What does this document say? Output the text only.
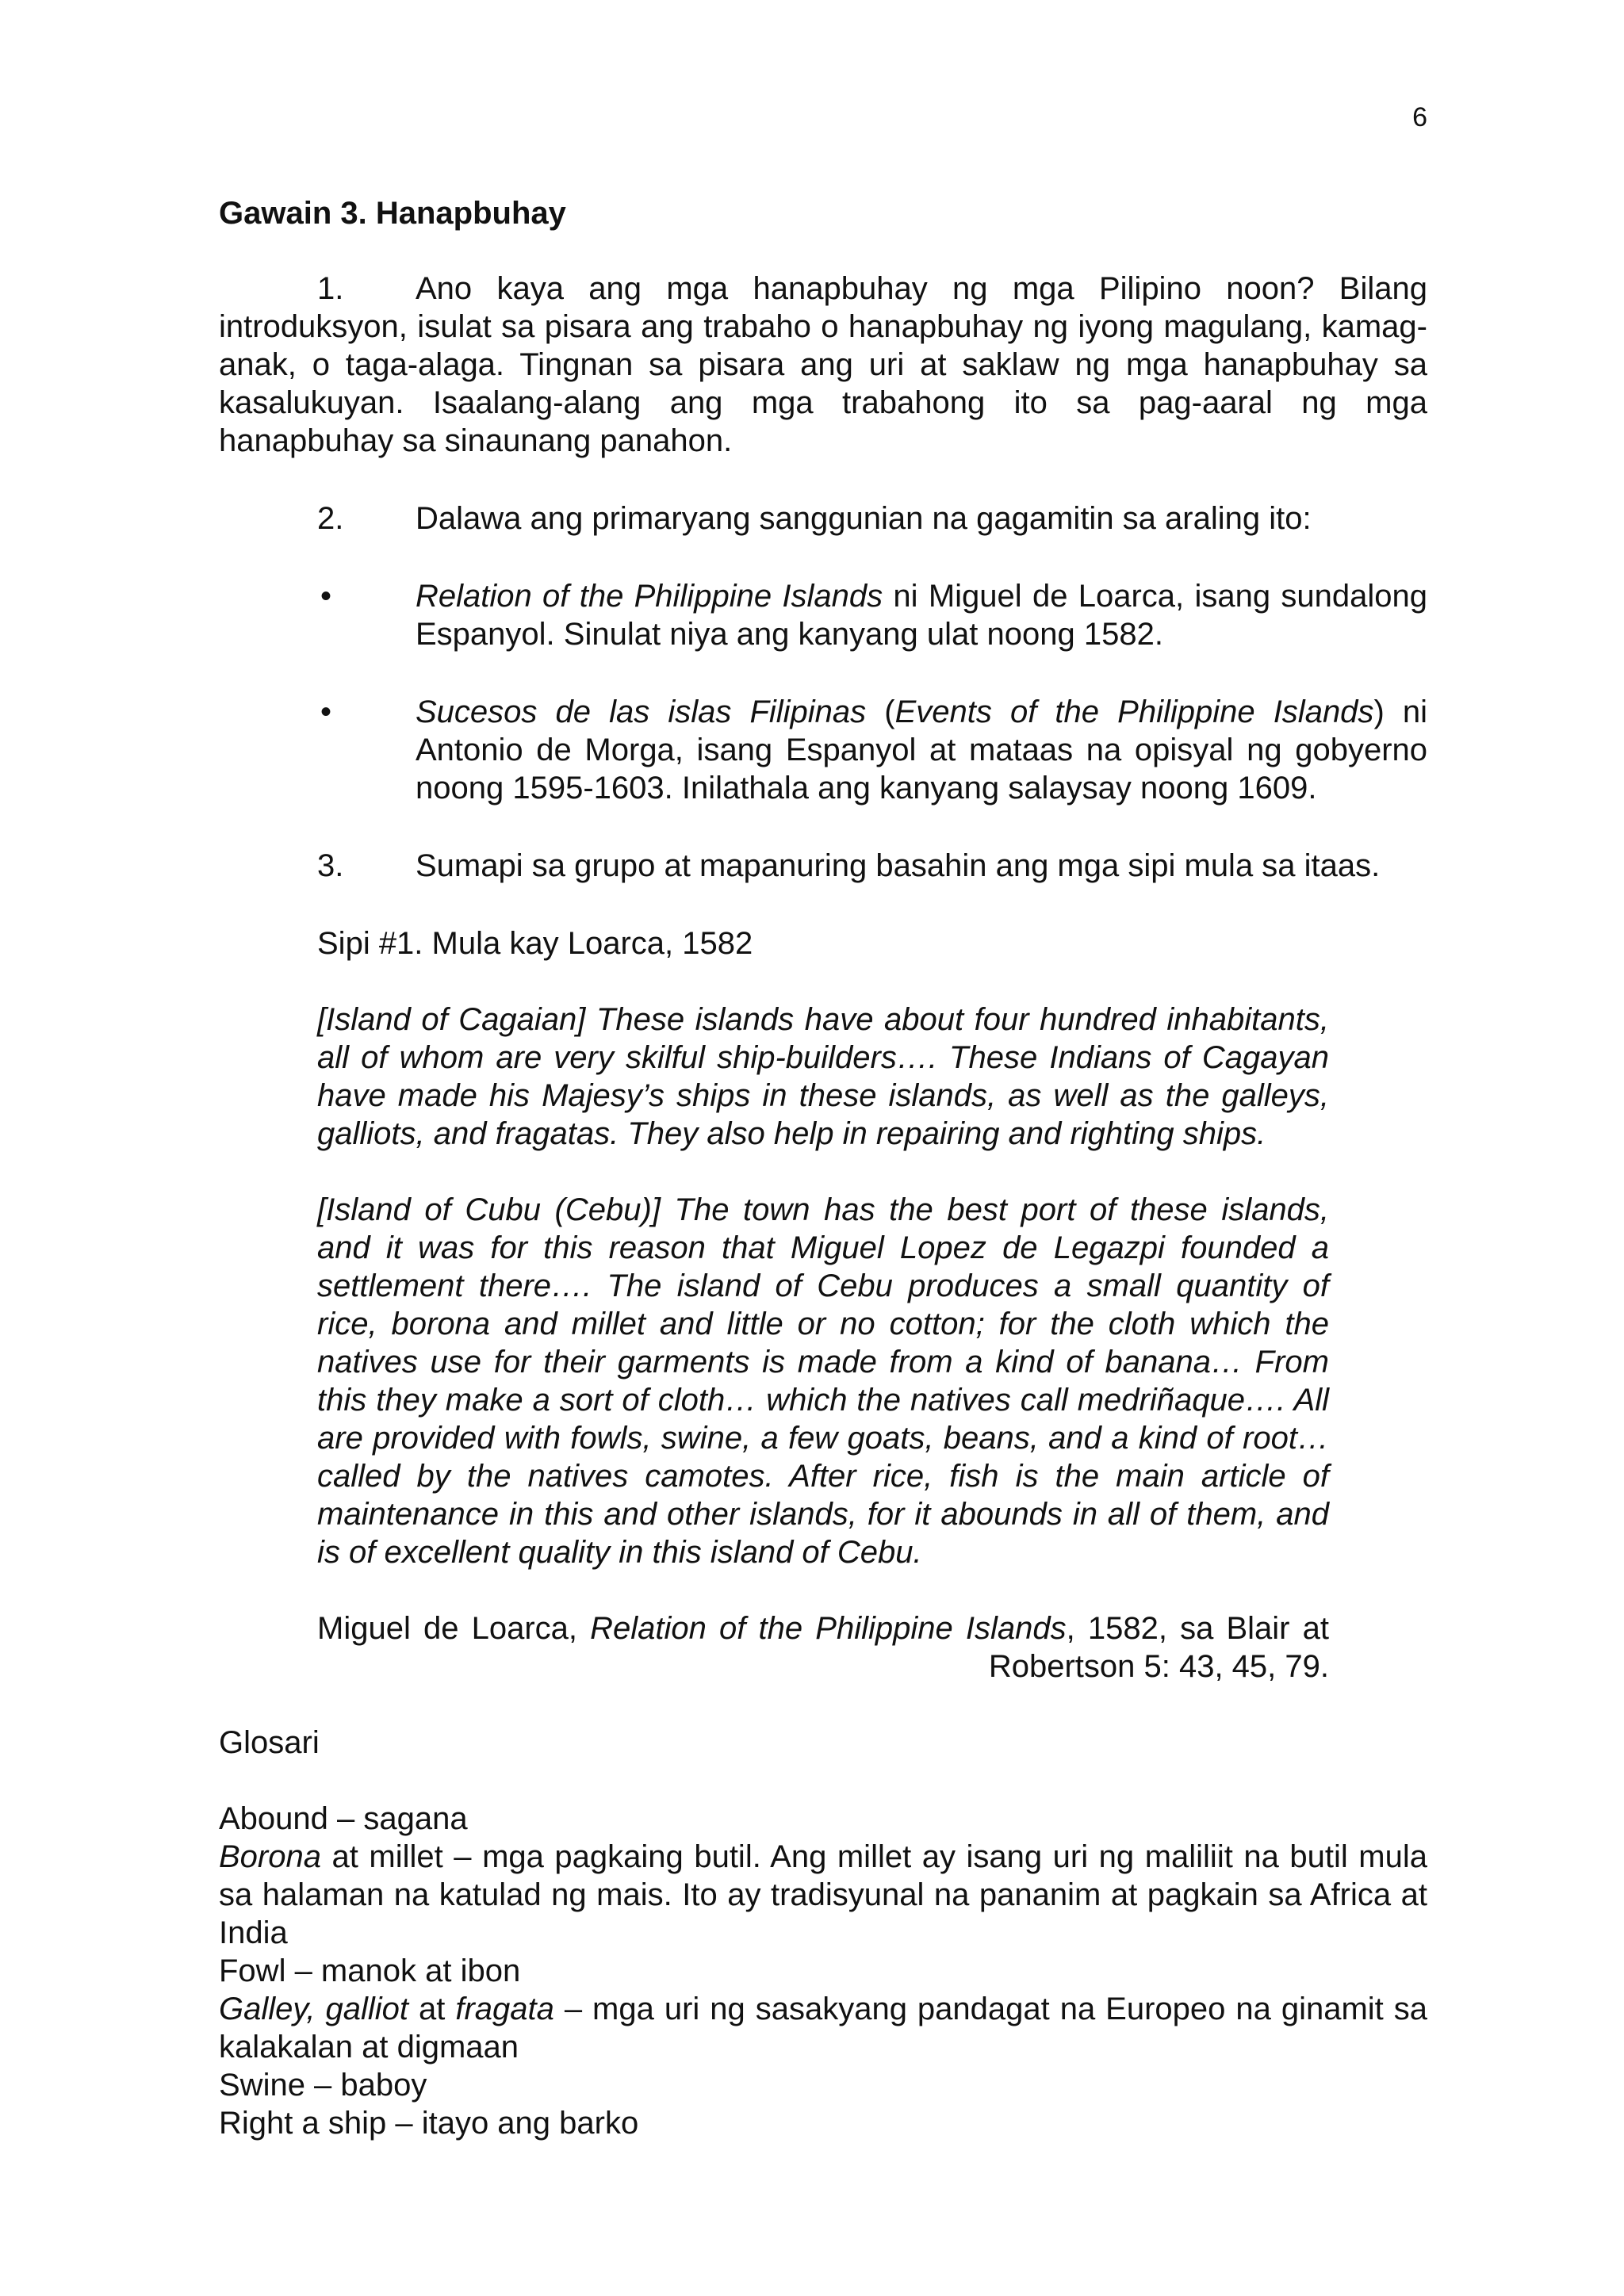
6
Gawain 3. Hanapbuhay

1. Ano kaya ang mga hanapbuhay ng mga Pilipino noon? Bilang introduksyon, isulat sa pisara ang trabaho o hanapbuhay ng iyong magulang, kamag-anak, o taga-alaga. Tingnan sa pisara ang uri at saklaw ng mga hanapbuhay sa kasalukuyan. Isaalang-alang ang mga trabahong ito sa pag-aaral ng mga hanapbuhay sa sinaunang panahon.

2.	Dalawa ang primaryang sanggunian na gagamitin sa araling ito:
•	Relation of the Philippine Islands ni Miguel de Loarca, isang sundalong Espanyol. Sinulat niya ang kanyang ulat noong 1582.
•	Sucesos de las islas Filipinas (Events of the Philippine Islands) ni Antonio de Morga, isang Espanyol at mataas na opisyal ng gobyerno noong 1595-1603. Inilathala ang kanyang salaysay noong 1609.
3.	Sumapi sa grupo at mapanuring basahin ang mga sipi mula sa itaas.
Sipi #1. Mula kay Loarca, 1582

[Island of Cagaian] These islands have about four hundred inhabitants, all of whom are very skilful ship-builders…. These Indians of Cagayan have made his Majesy’s ships in these islands, as well as the galleys, galliots, and fragatas. They also help in repairing and righting ships.

[Island of Cubu (Cebu)] The town has the best port of these islands, and it was for this reason that Miguel Lopez de Legazpi founded a settlement there…. The island of Cebu produces a small quantity of rice, borona and millet and little or no cotton; for the cloth which the natives use for their garments is made from a kind of banana… From this they make a sort of cloth… which the natives call medriñaque…. All are provided with fowls, swine, a few goats, beans, and a kind of root… called by the natives camotes. After rice, fish is the main article of maintenance in this and other islands, for it abounds in all of them, and is of excellent quality in this island of Cebu.

Miguel de Loarca, Relation of the Philippine Islands, 1582, sa Blair at Robertson 5: 43, 45, 79.

Glosari

Abound – sagana

Borona at millet – mga pagkaing butil. Ang millet ay isang uri ng maliliit na butil mula sa halaman na katulad ng mais. Ito ay tradisyunal na pananim at pagkain sa Africa at India

Fowl – manok at ibon

Galley, galliot at fragata – mga uri ng sasakyang pandagat na Europeo na ginamit sa kalakalan at digmaan

Swine – baboy

Right a ship – itayo ang barko
